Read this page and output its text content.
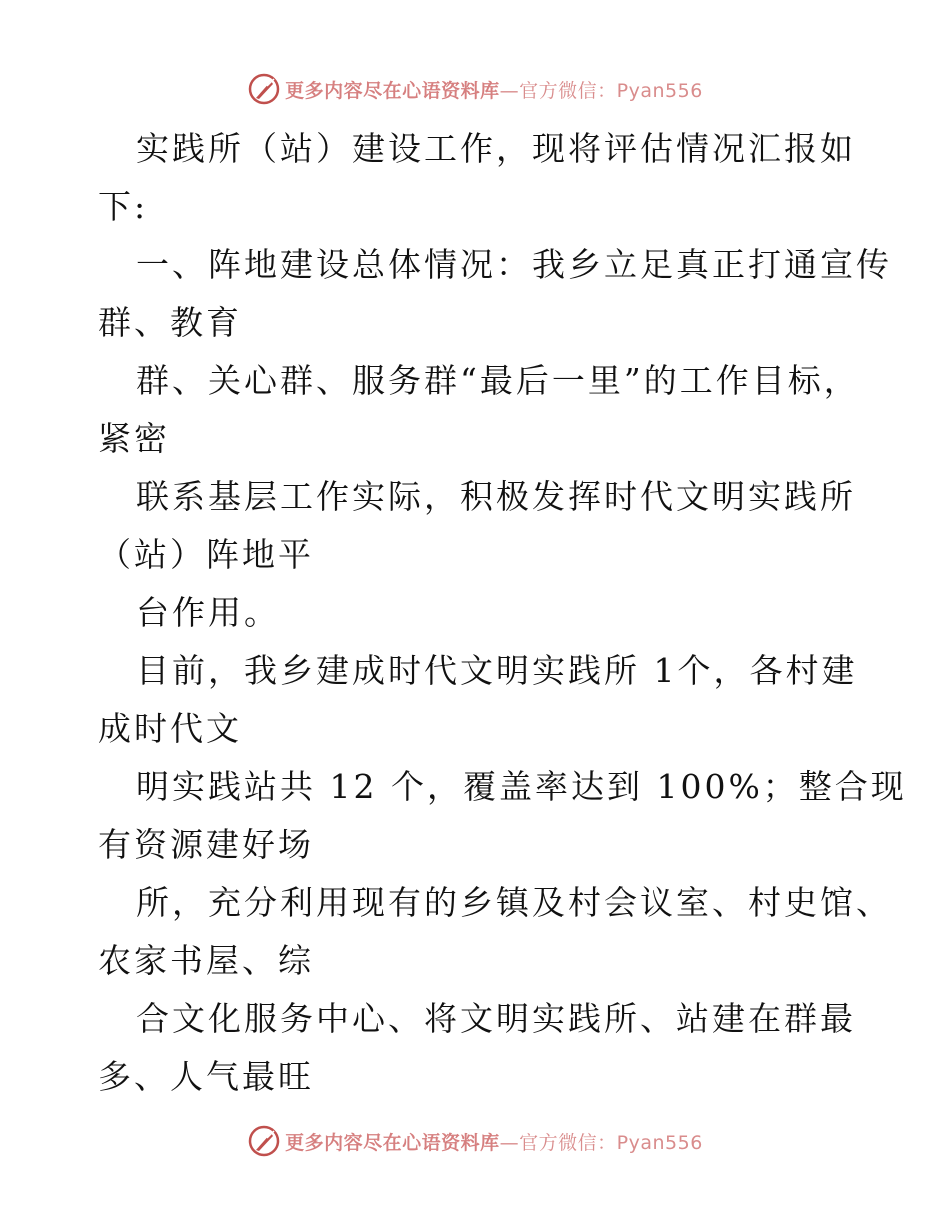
更多内容尽在心语资料库—官方微信：Pyan556
实践所（站）建设工作，现将评估情况汇报如
下:
一、阵地建设总体情况：我乡立足真正打通宣传
群、教育
群、关心群、服务群“最后一里”的工作目标，
紧密
联系基层工作实际，积极发挥时代文明实践所
（站）阵地平
台作用。
目前，我乡建成时代文明实践所 1个，各村建
成时代文
明实践站共 12 个，覆盖率达到 100%；整合现
有资源建好场
所，充分利用现有的乡镇及村会议室、村史馆、
农家书屋、综
合文化服务中心、将文明实践所、站建在群最
多、人气最旺
更多内容尽在心语资料库—官方微信：Pyan556
